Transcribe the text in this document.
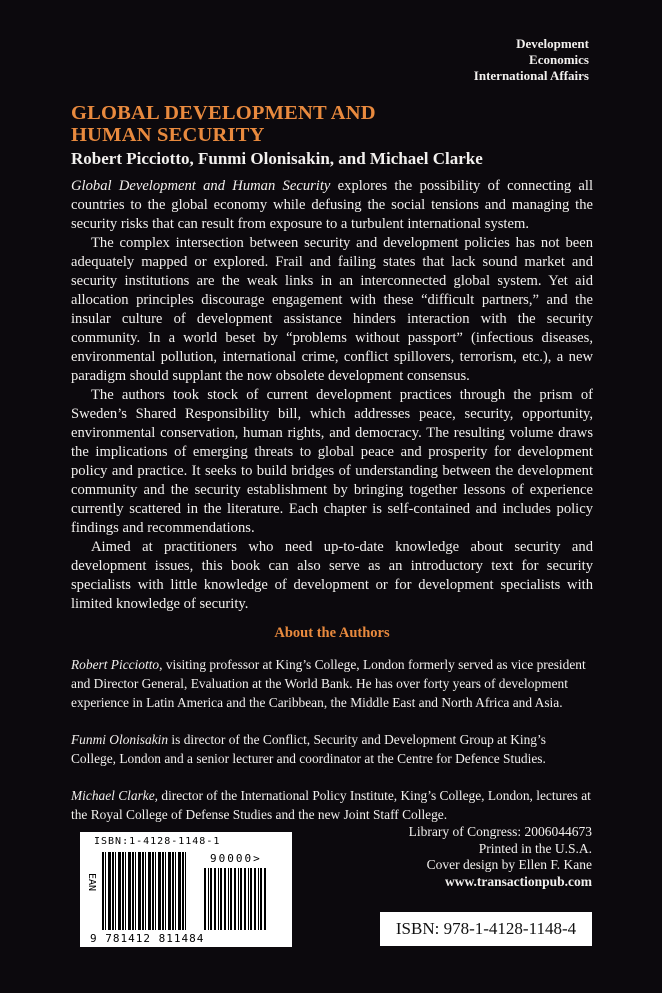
Development
Economics
International Affairs
GLOBAL DEVELOPMENT AND
HUMAN SECURITY
Robert Picciotto, Funmi Olonisakin, and Michael Clarke

Global Development and Human Security explores the possibility of connecting all countries to the global economy while defusing the social tensions and managing the security risks that can result from exposure to a turbulent international system.

The complex intersection between security and development policies has not been adequately mapped or explored. Frail and failing states that lack sound market and security institutions are the weak links in an interconnected global system. Yet aid allocation principles discourage engagement with these “difficult partners,” and the insular culture of development assistance hinders interaction with the security community. In a world beset by “problems without passport” (infectious diseases, environmental pollution, international crime, conflict spillovers, terrorism, etc.), a new paradigm should supplant the now obsolete development consensus.

The authors took stock of current development practices through the prism of Sweden’s Shared Responsibility bill, which addresses peace, security, opportunity, environmental conservation, human rights, and democracy. The resulting volume draws the implications of emerging threats to global peace and prosperity for development policy and practice. It seeks to build bridges of understanding between the development community and the security establishment by bringing together lessons of experience currently scattered in the literature. Each chapter is self-contained and includes policy findings and recommendations.

Aimed at practitioners who need up-to-date knowledge about security and development issues, this book can also serve as an introductory text for security specialists with little knowledge of development or for development specialists with limited knowledge of security.

About the Authors

Robert Picciotto, visiting professor at King’s College, London formerly served as vice president and Director General, Evaluation at the World Bank. He has over forty years of development experience in Latin America and the Caribbean, the Middle East and North Africa and Asia.

Funmi Olonisakin is director of the Conflict, Security and Development Group at King’s College, London and a senior lecturer and coordinator at the Centre for Defence Studies.

Michael Clarke, director of the International Policy Institute, King’s College, London, lectures at the Royal College of Defense Studies and the new Joint Staff College.

ISBN:1-4128-1148-1
90000>
EAN
9 781412 811484
Library of Congress: 2006044673
Printed in the U.S.A.
Cover design by Ellen F. Kane
www.transactionpub.com
ISBN: 978-1-4128-1148-4
